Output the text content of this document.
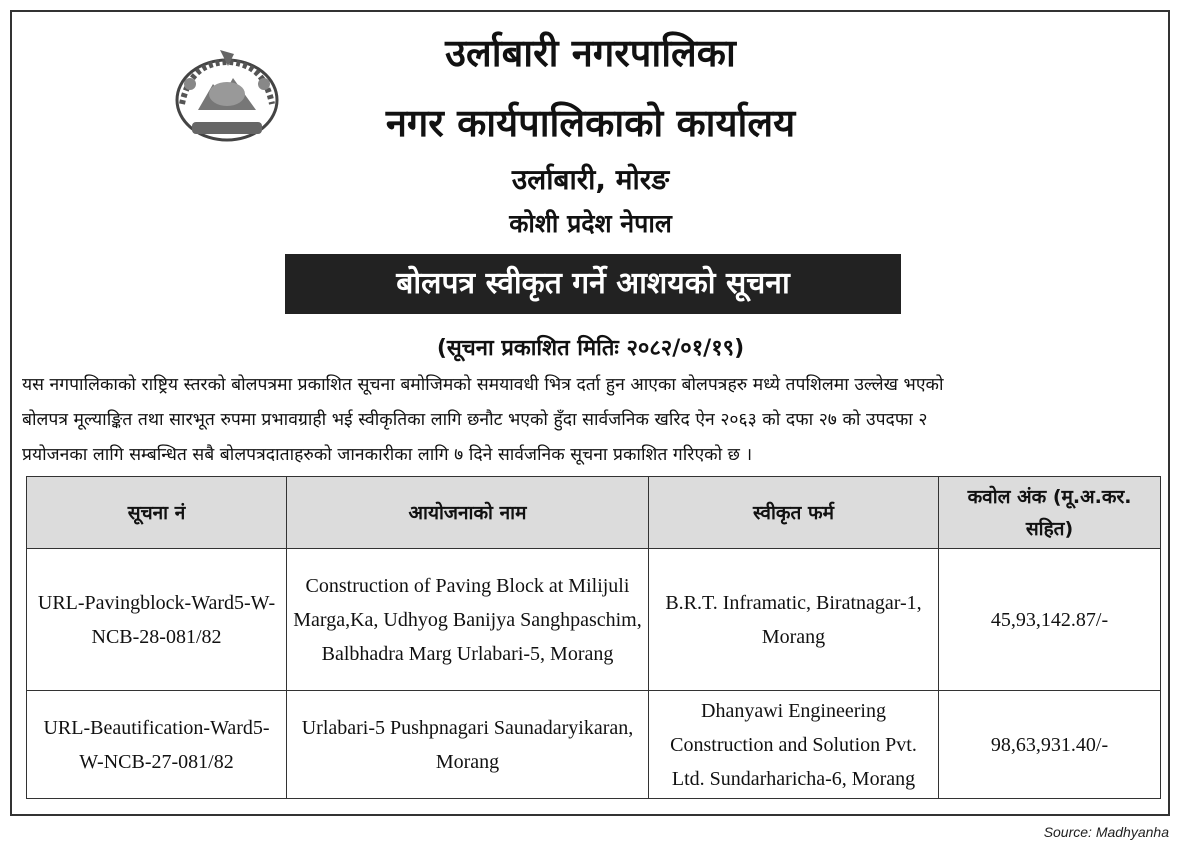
उर्लाबारी नगरपालिका
नगर कार्यपालिकाको कार्यालय
उर्लाबारी, मोरङ
कोशी प्रदेश नेपाल
बोलपत्र स्वीकृत गर्ने आशयको सूचना
(सूचना प्रकाशित मितिः २०८२/०१/१९)
यस नगपालिकाको राष्ट्रिय स्तरको बोलपत्रमा प्रकाशित सूचना बमोजिमको समयावधी भित्र दर्ता हुन आएका बोलपत्रहरु मध्ये तपशिलमा उल्लेख भएको
बोलपत्र मूल्याङ्कित तथा सारभूत रुपमा प्रभावग्राही भई स्वीकृतिका लागि छनौट भएको हुँदा सार्वजनिक खरिद ऐन २०६३ को दफा २७ को उपदफा २
प्रयोजनका लागि सम्बन्धित सबै बोलपत्रदाताहरुको जानकारीका लागि ७ दिने सार्वजनिक सूचना प्रकाशित गरिएको छ ।
सूचना नं	आयोजनाको नाम	स्वीकृत फर्म	कवोल अंक (मू.अ.कर. सहित)
URL-Pavingblock-Ward5-W-NCB-28-081/82	Construction of Paving Block at Milijuli Marga,Ka, Udhyog Banijya Sanghpaschim, Balbhadra Marg Urlabari-5, Morang	B.R.T. Inframatic, Biratnagar-1, Morang	45,93,142.87/-
URL-Beautification-Ward5-W-NCB-27-081/82	Urlabari-5 Pushpnagari Saunadaryikaran, Morang	Dhanyawi Engineering Construction and Solution Pvt. Ltd. Sundarharicha-6, Morang	98,63,931.40/-
Source: Madhyanha
